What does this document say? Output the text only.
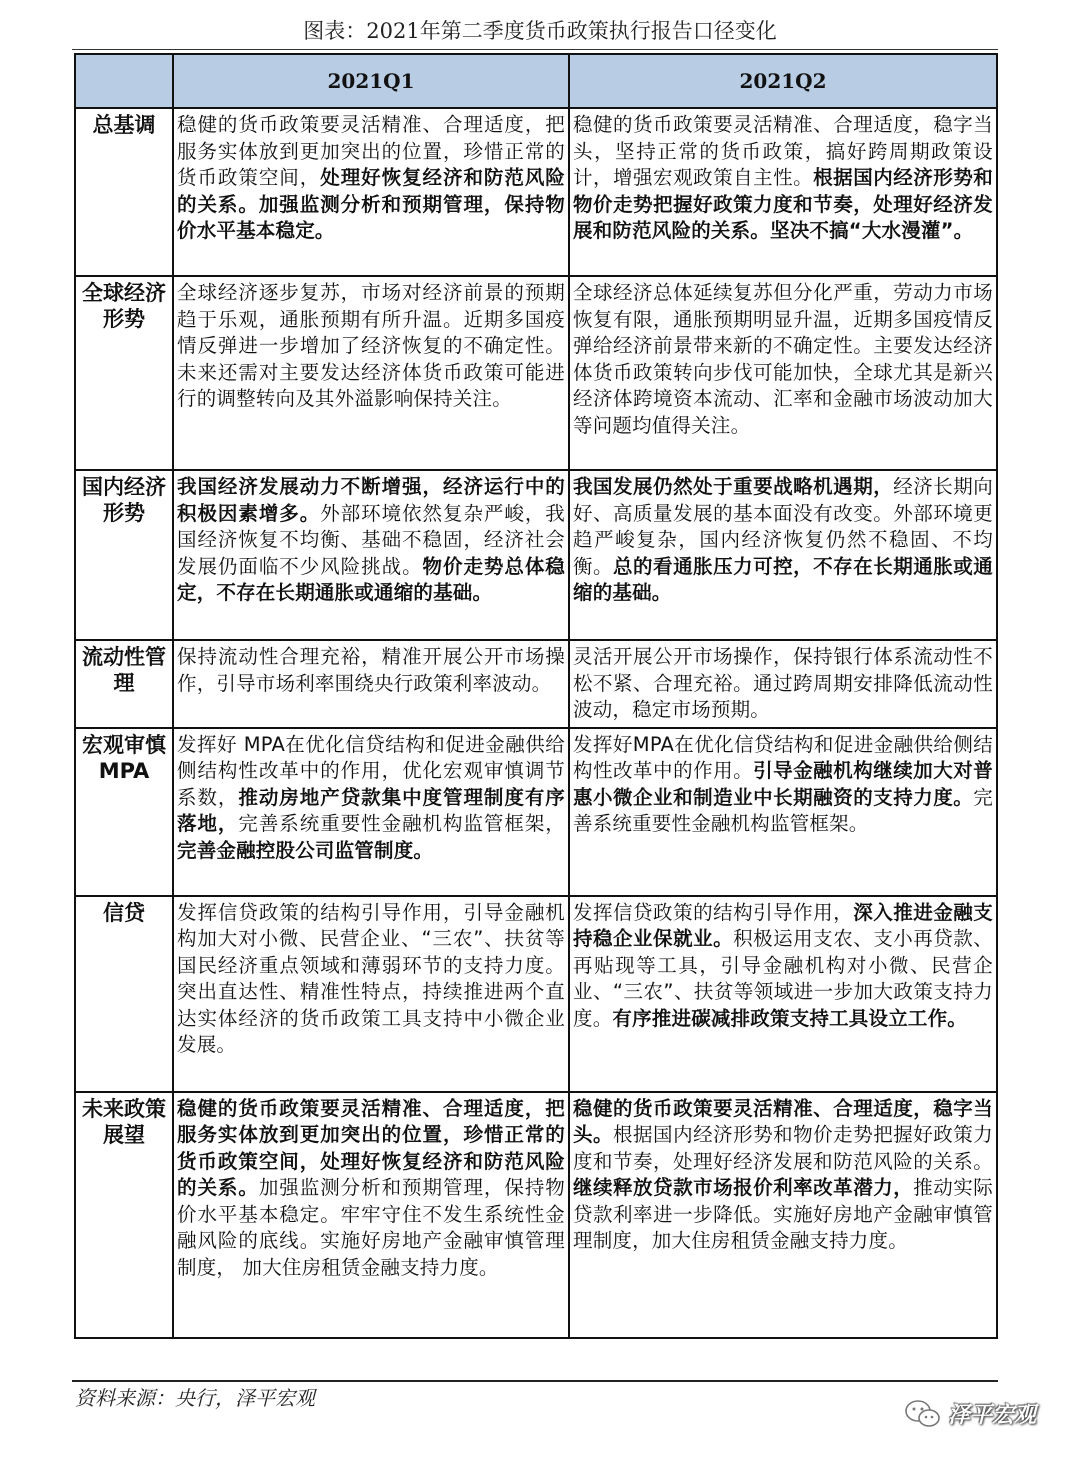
图表：2021年第二季度货币政策执行报告口径变化
	2021Q1	2021Q2
总基调	稳健的货币政策要灵活精准、合理适度，把服务实体放到更加突出的位置，珍惜正常的货币政策空间，处理好恢复经济和防范风险的关系。加强监测分析和预期管理，保持物价水平基本稳定。	稳健的货币政策要灵活精准、合理适度，稳字当头，坚持正常的货币政策，搞好跨周期政策设计，增强宏观政策自主性。根据国内经济形势和物价走势把握好政策力度和节奏，处理好经济发展和防范风险的关系。坚决不搞“大水漫灌”。
全球经济形势	全球经济逐步复苏，市场对经济前景的预期趋于乐观，通胀预期有所升温。近期多国疫情反弹进一步增加了经济恢复的不确定性。未来还需对主要发达经济体货币政策可能进行的调整转向及其外溢影响保持关注。	全球经济总体延续复苏但分化严重，劳动力市场恢复有限，通胀预期明显升温，近期多国疫情反弹给经济前景带来新的不确定性。主要发达经济体货币政策转向步伐可能加快，全球尤其是新兴经济体跨境资本流动、汇率和金融市场波动加大等问题均值得关注。
国内经济形势	我国经济发展动力不断增强，经济运行中的积极因素增多。外部环境依然复杂严峻，我国经济恢复不均衡、基础不稳固，经济社会发展仍面临不少风险挑战。物价走势总体稳定，不存在长期通胀或通缩的基础。	我国发展仍然处于重要战略机遇期，经济长期向好、高质量发展的基本面没有改变。外部环境更趋严峻复杂，国内经济恢复仍然不稳固、不均衡。总的看通胀压力可控，不存在长期通胀或通缩的基础。
流动性管理	保持流动性合理充裕，精准开展公开市场操作，引导市场利率围绕央行政策利率波动。	灵活开展公开市场操作，保持银行体系流动性不松不紧、合理充裕。通过跨周期安排降低流动性波动，稳定市场预期。
宏观审慎MPA	发挥好 MPA在优化信贷结构和促进金融供给侧结构性改革中的作用，优化宏观审慎调节系数，推动房地产贷款集中度管理制度有序落地，完善系统重要性金融机构监管框架，完善金融控股公司监管制度。	发挥好MPA在优化信贷结构和促进金融供给侧结构性改革中的作用。引导金融机构继续加大对普惠小微企业和制造业中长期融资的支持力度。完善系统重要性金融机构监管框架。
信贷	发挥信贷政策的结构引导作用，引导金融机构加大对小微、民营企业、“三农”、扶贫等国民经济重点领域和薄弱环节的支持力度。突出直达性、精准性特点，持续推进两个直达实体经济的货币政策工具支持中小微企业发展。	发挥信贷政策的结构引导作用，深入推进金融支持稳企业保就业。积极运用支农、支小再贷款、再贴现等工具，引导金融机构对小微、民营企业、“三农”、扶贫等领域进一步加大政策支持力度。有序推进碳减排政策支持工具设立工作。
未来政策展望	稳健的货币政策要灵活精准、合理适度，把服务实体放到更加突出的位置，珍惜正常的货币政策空间，处理好恢复经济和防范风险的关系。加强监测分析和预期管理，保持物价水平基本稳定。牢牢守住不发生系统性金融风险的底线。实施好房地产金融审慎管理制度， 加大住房租赁金融支持力度。	稳健的货币政策要灵活精准、合理适度，稳字当头。根据国内经济形势和物价走势把握好政策力度和节奏，处理好经济发展和防范风险的关系。继续释放贷款市场报价利率改革潜力，推动实际贷款利率进一步降低。实施好房地产金融审慎管理制度，加大住房租赁金融支持力度。
资料来源：央行，泽平宏观
泽平宏观
